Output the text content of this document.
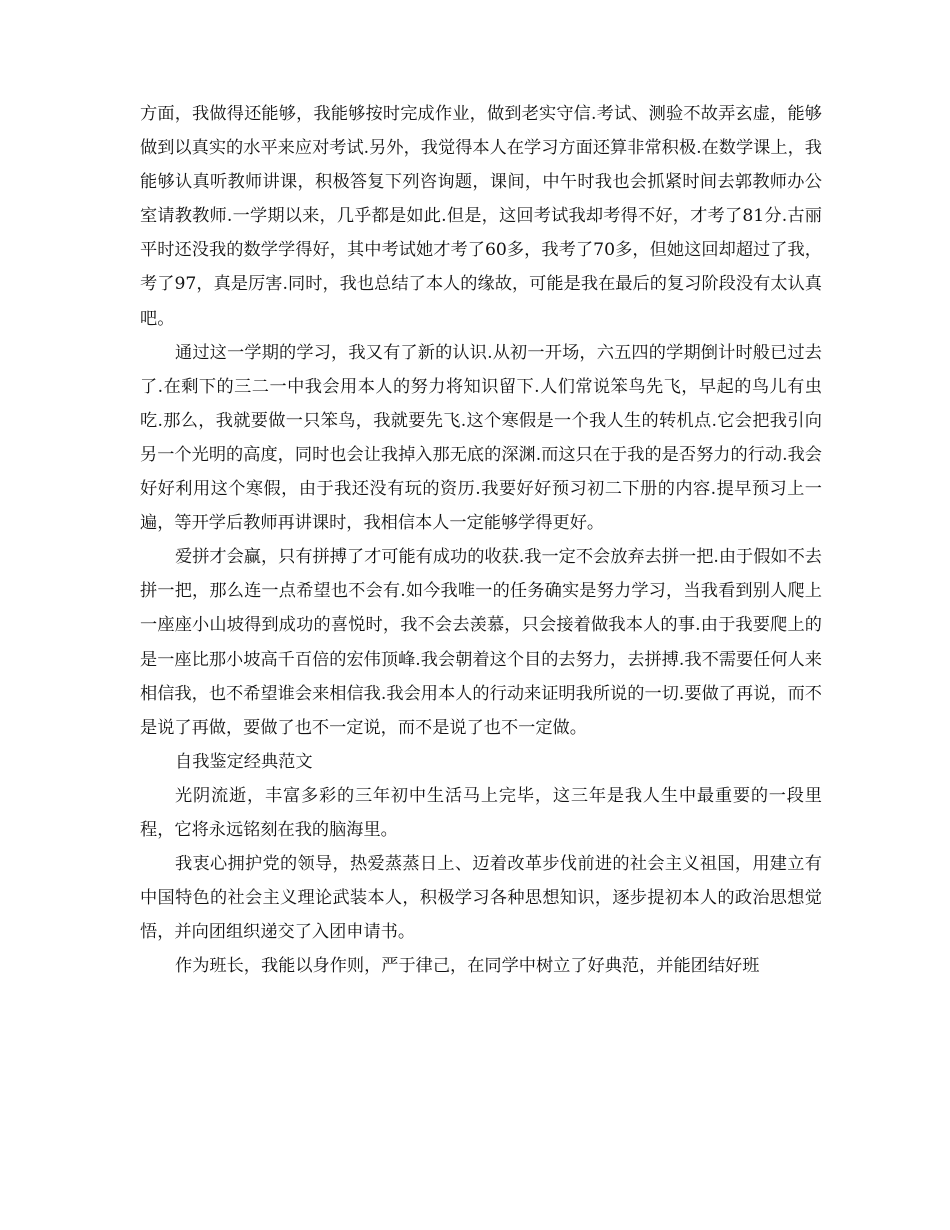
方面，我做得还能够，我能够按时完成作业，做到老实守信.考试、测验不故弄玄虚，能够做到以真实的水平来应对考试.另外，我觉得本人在学习方面还算非常积极.在数学课上，我能够认真听教师讲课，积极答复下列咨询题，课间，中午时我也会抓紧时间去郭教师办公室请教教师.一学期以来，几乎都是如此.但是，这回考试我却考得不好，才考了81分.古丽平时还没我的数学学得好，其中考试她才考了60多，我考了70多，但她这回却超过了我，考了97，真是厉害.同时，我也总结了本人的缘故，可能是我在最后的复习阶段没有太认真吧。

通过这一学期的学习，我又有了新的认识.从初一开场，六五四的学期倒计时般已过去了.在剩下的三二一中我会用本人的努力将知识留下.人们常说笨鸟先飞，早起的鸟儿有虫吃.那么，我就要做一只笨鸟，我就要先飞.这个寒假是一个我人生的转机点.它会把我引向另一个光明的高度，同时也会让我掉入那无底的深渊.而这只在于我的是否努力的行动.我会好好利用这个寒假，由于我还没有玩的资历.我要好好预习初二下册的内容.提早预习上一遍，等开学后教师再讲课时，我相信本人一定能够学得更好。

爱拼才会赢，只有拼搏了才可能有成功的收获.我一定不会放弃去拼一把.由于假如不去拼一把，那么连一点希望也不会有.如今我唯一的任务确实是努力学习，当我看到别人爬上一座座小山坡得到成功的喜悦时，我不会去羡慕，只会接着做我本人的事.由于我要爬上的是一座比那小坡高千百倍的宏伟顶峰.我会朝着这个目的去努力，去拼搏.我不需要任何人来相信我，也不希望谁会来相信我.我会用本人的行动来证明我所说的一切.要做了再说，而不是说了再做，要做了也不一定说，而不是说了也不一定做。

自我鉴定经典范文

光阴流逝，丰富多彩的三年初中生活马上完毕，这三年是我人生中最重要的一段里程，它将永远铭刻在我的脑海里。

我衷心拥护党的领导，热爱蒸蒸日上、迈着改革步伐前进的社会主义祖国，用建立有中国特色的社会主义理论武装本人，积极学习各种思想知识，逐步提初本人的政治思想觉悟，并向团组织递交了入团申请书。

作为班长，我能以身作则，严于律己，在同学中树立了好典范，并能团结好班
